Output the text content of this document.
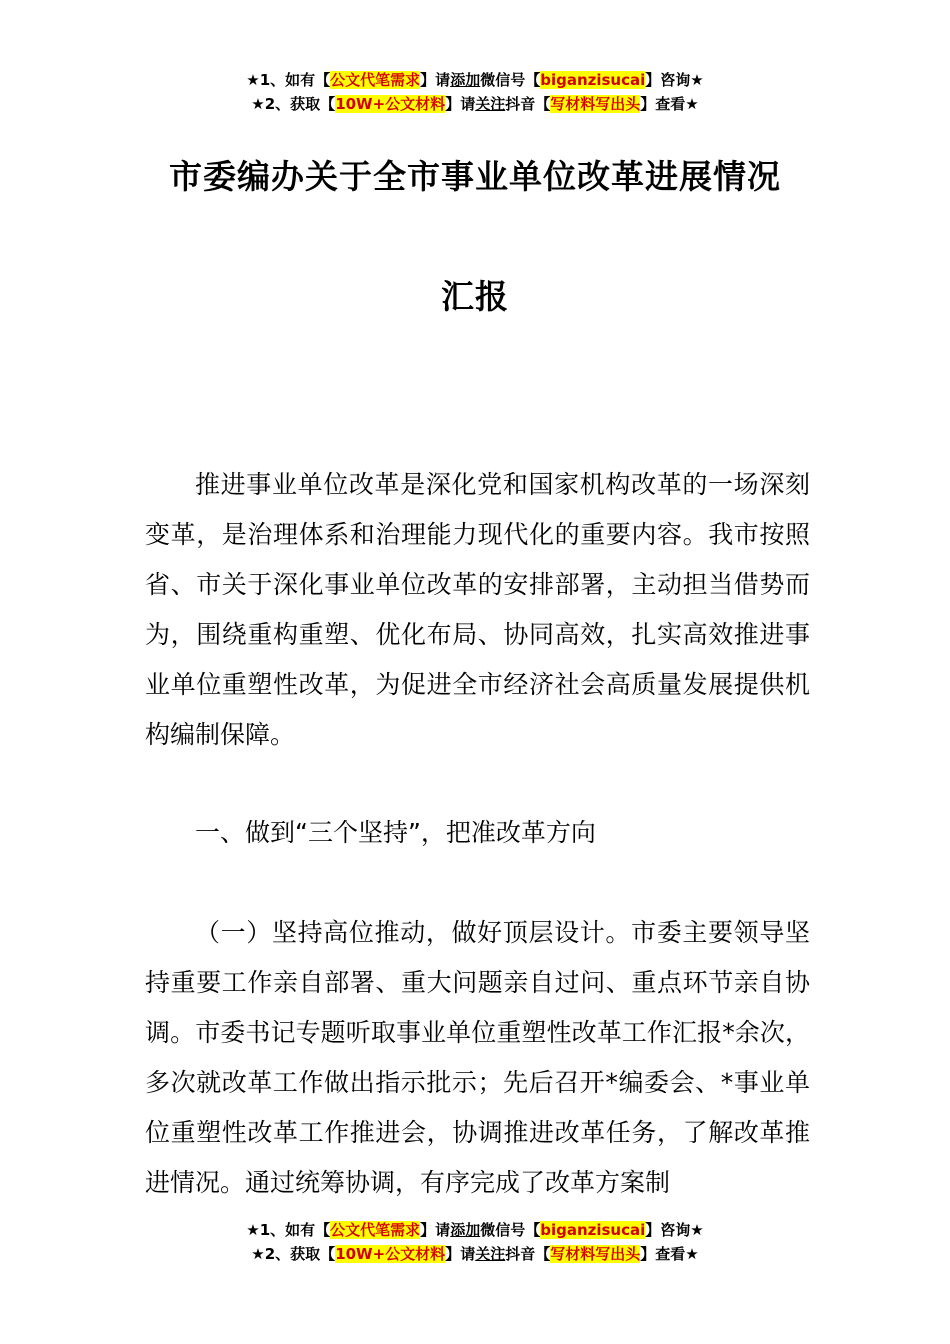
★1、如有【公文代笔需求】请添加微信号【biganzisucai】咨询★
★2、获取【10W+公文材料】请关注抖音【写材料写出头】查看★
市委编办关于全市事业单位改革进展情况
汇报

推进事业单位改革是深化党和国家机构改革的一场深刻变革，是治理体系和治理能力现代化的重要内容。我市按照省、市关于深化事业单位改革的安排部署，主动担当借势而为，围绕重构重塑、优化布局、协同高效，扎实高效推进事业单位重塑性改革，为促进全市经济社会高质量发展提供机构编制保障。

一、做到“三个坚持”，把准改革方向

（一）坚持高位推动，做好顶层设计。市委主要领导坚持重要工作亲自部署、重大问题亲自过问、重点环节亲自协调。市委书记专题听取事业单位重塑性改革工作汇报*余次，多次就改革工作做出指示批示；先后召开*编委会、*事业单位重塑性改革工作推进会，协调推进改革任务，了解改革推进情况。通过统筹协调，有序完成了改革方案制

★1、如有【公文代笔需求】请添加微信号【biganzisucai】咨询★
★2、获取【10W+公文材料】请关注抖音【写材料写出头】查看★
